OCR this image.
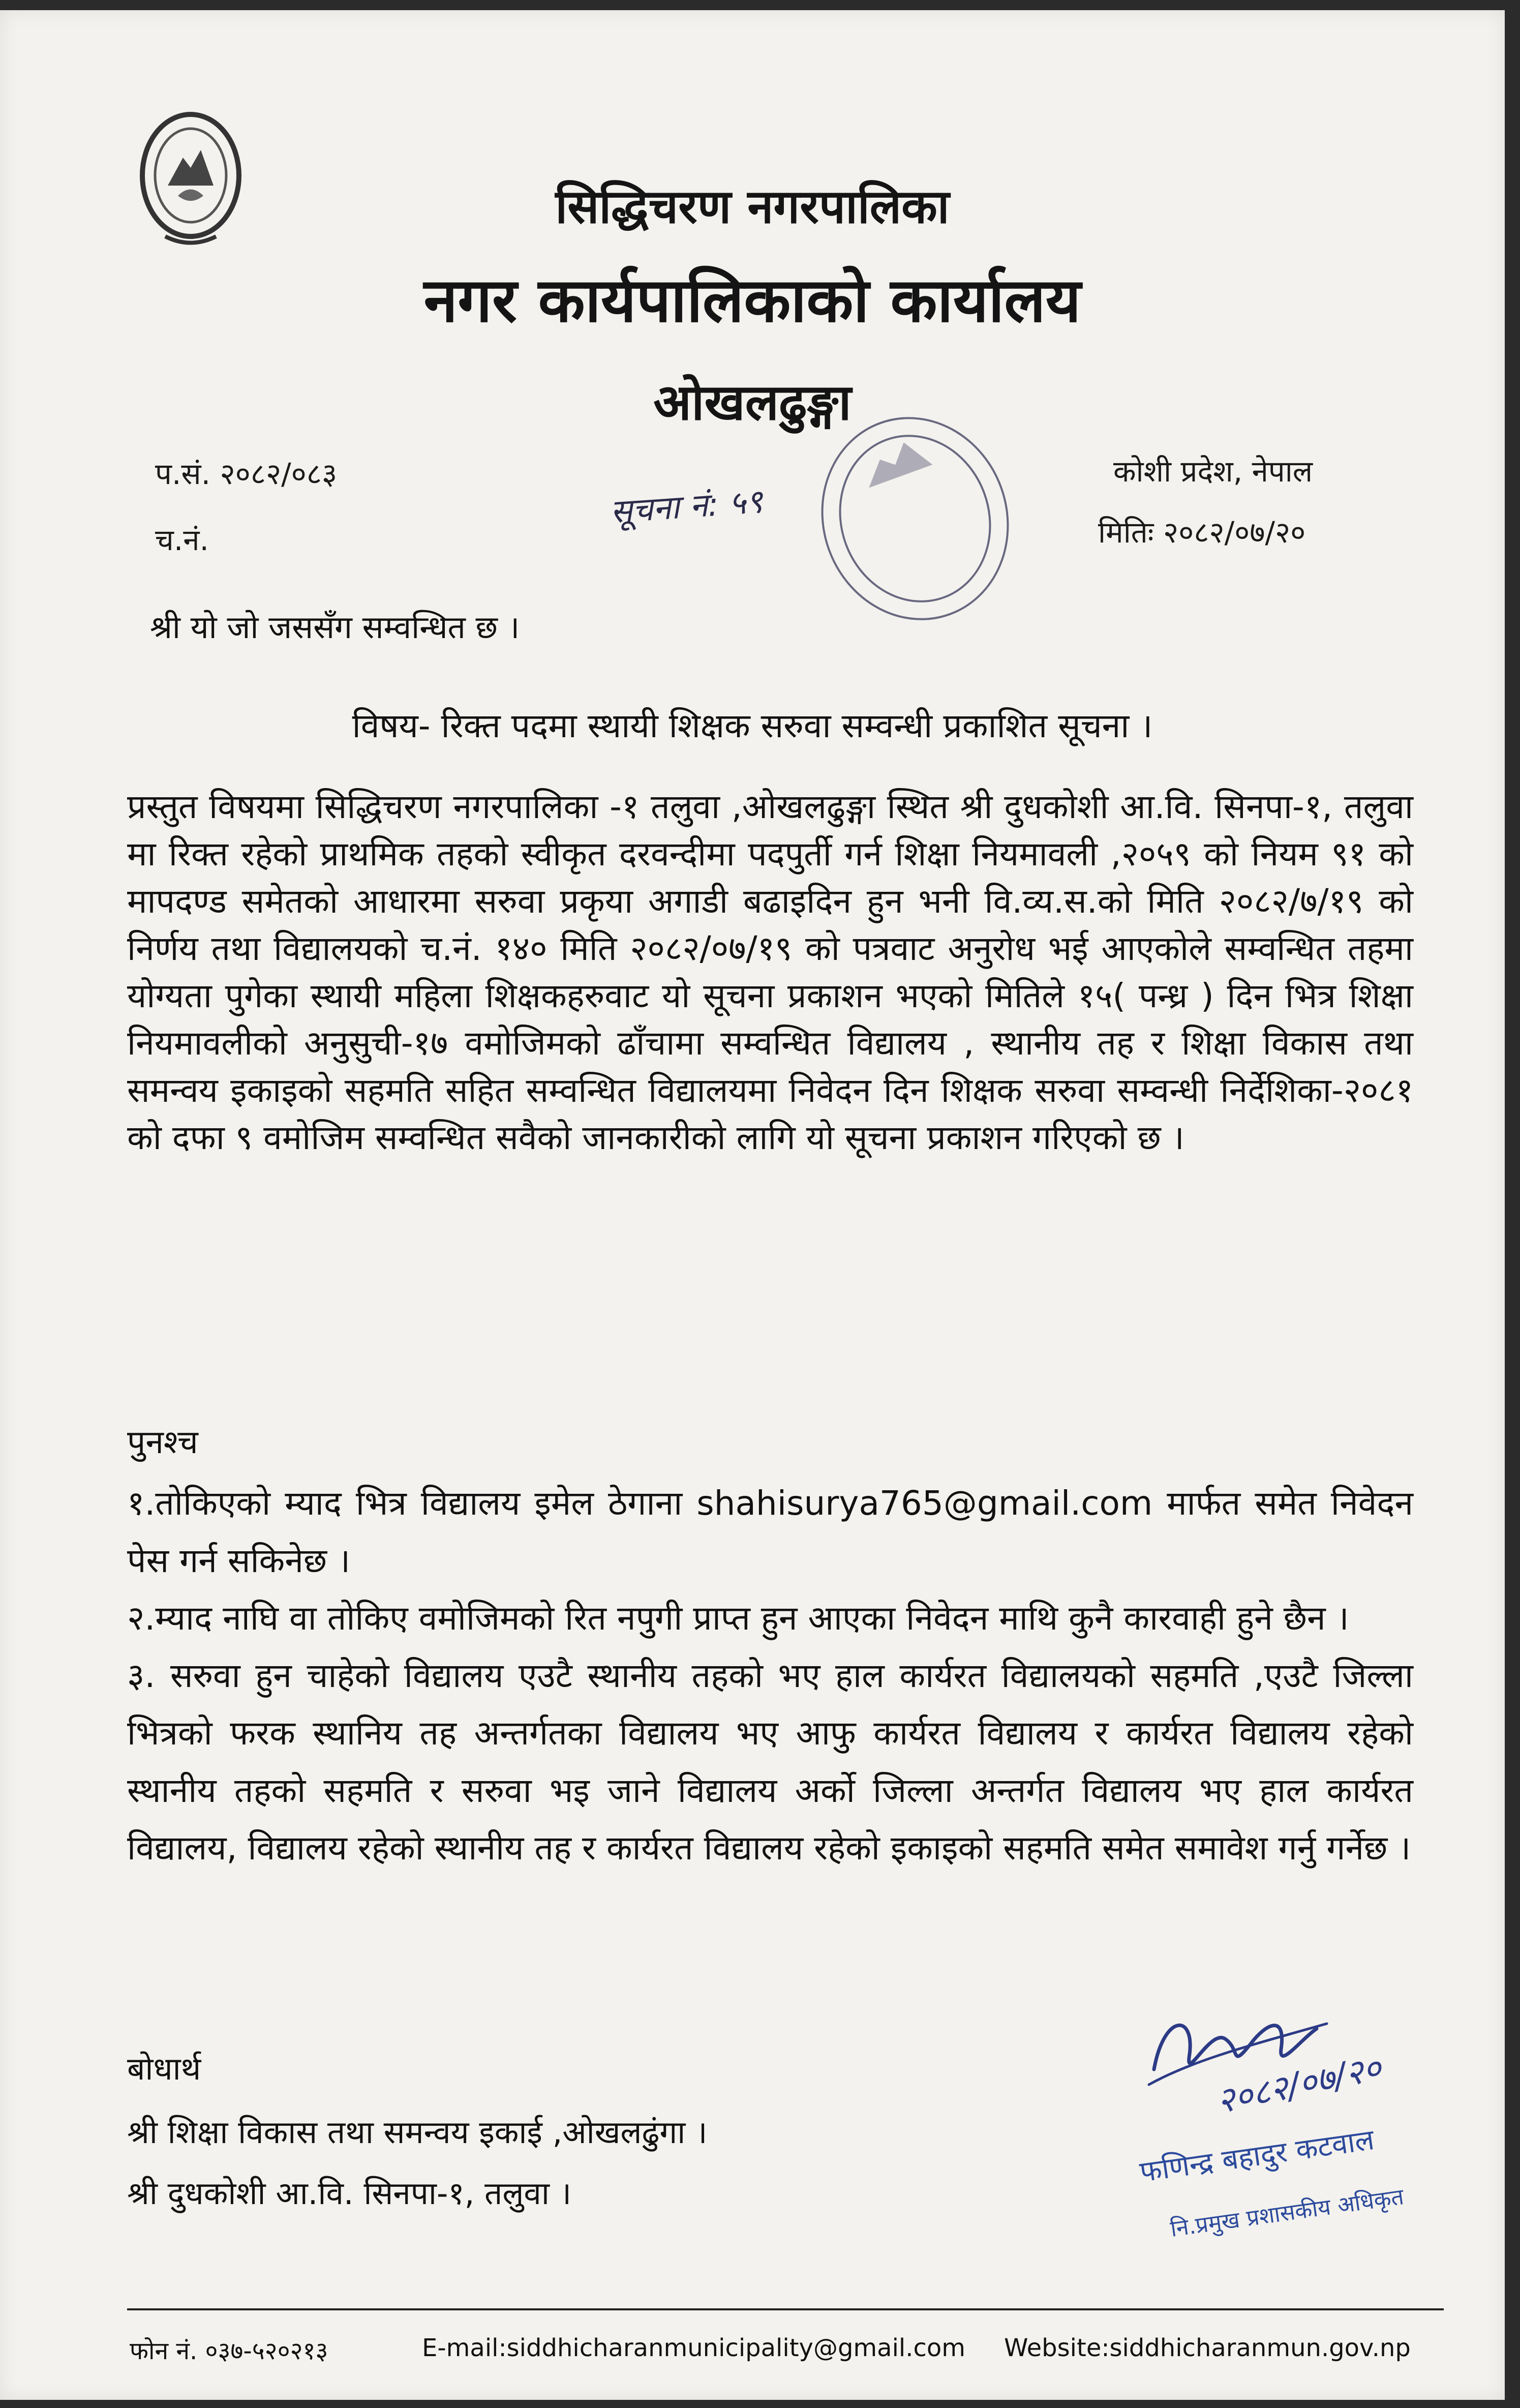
सिद्धिचरण नगरपालिका
नगर कार्यपालिकाको कार्यालय
ओखलढुङ्गा
प.सं. २०८२/०८३
च.नं.
सूचना नं: ५९
कोशी प्रदेश, नेपाल
मितिः २०८२/०७/२०
श्री यो जो जससँग सम्वन्धित छ ।
विषय- रिक्त पदमा स्थायी शिक्षक सरुवा सम्वन्धी प्रकाशित सूचना ।
प्रस्तुत विषयमा सिद्धिचरण नगरपालिका -१ तलुवा ,ओखलढुङ्गा स्थित श्री दुधकोशी आ.वि. सिनपा-१, तलुवा मा रिक्त रहेको प्राथमिक तहको स्वीकृत दरवन्दीमा पदपुर्ती गर्न शिक्षा नियमावली ,२०५९ को नियम ९१ को मापदण्ड समेतको आधारमा सरुवा प्रकृया अगाडी बढाइदिन हुन भनी वि.व्य.स.को मिति २०८२/७/१९ को निर्णय तथा विद्यालयको च.नं. १४० मिति २०८२/०७/१९ को पत्रवाट अनुरोध भई आएकोले सम्वन्धित तहमा योग्यता पुगेका स्थायी महिला शिक्षकहरुवाट यो सूचना प्रकाशन भएको मितिले १५( पन्ध्र ) दिन भित्र शिक्षा नियमावलीको अनुसुची-१७ वमोजिमको ढाँचामा सम्वन्धित विद्यालय , स्थानीय तह र शिक्षा विकास तथा समन्वय इकाइको सहमति सहित सम्वन्धित विद्यालयमा निवेदन दिन शिक्षक सरुवा सम्वन्धी निर्देशिका-२०८१ को दफा ९ वमोजिम सम्वन्धित सवैको जानकारीको लागि यो सूचना प्रकाशन गरिएको छ ।
पुनश्च

१.तोकिएको म्याद भित्र विद्यालय इमेल ठेगाना shahisurya765@gmail.com मार्फत समेत निवेदन पेस गर्न सकिनेछ ।

२.म्याद नाघि वा तोकिए वमोजिमको रित नपुगी प्राप्त हुन आएका निवेदन माथि कुनै कारवाही हुने छैन ।

३. सरुवा हुन चाहेको विद्यालय एउटै स्थानीय तहको भए हाल कार्यरत विद्यालयको सहमति ,एउटै जिल्ला भित्रको फरक स्थानिय तह अन्तर्गतका विद्यालय भए आफु कार्यरत विद्यालय र कार्यरत विद्यालय रहेको स्थानीय तहको सहमति र सरुवा भइ जाने विद्यालय अर्को जिल्ला अन्तर्गत विद्यालय भए हाल कार्यरत विद्यालय, विद्यालय रहेको स्थानीय तह र कार्यरत विद्यालय रहेको इकाइको सहमति समेत समावेश गर्नु गर्नेछ ।

बोधार्थ
श्री शिक्षा विकास तथा समन्वय इकाई ,ओखलढुंगा ।
श्री दुधकोशी आ.वि. सिनपा-१, तलुवा ।
२०८२/०७/२०
फणिन्द्र बहादुर कटवाल
नि.प्रमुख प्रशासकीय अधिकृत
फोन नं. ०३७-५२०२१३	E-mail:siddhicharanmunicipality@gmail.com Website:siddhicharanmun.gov.np
